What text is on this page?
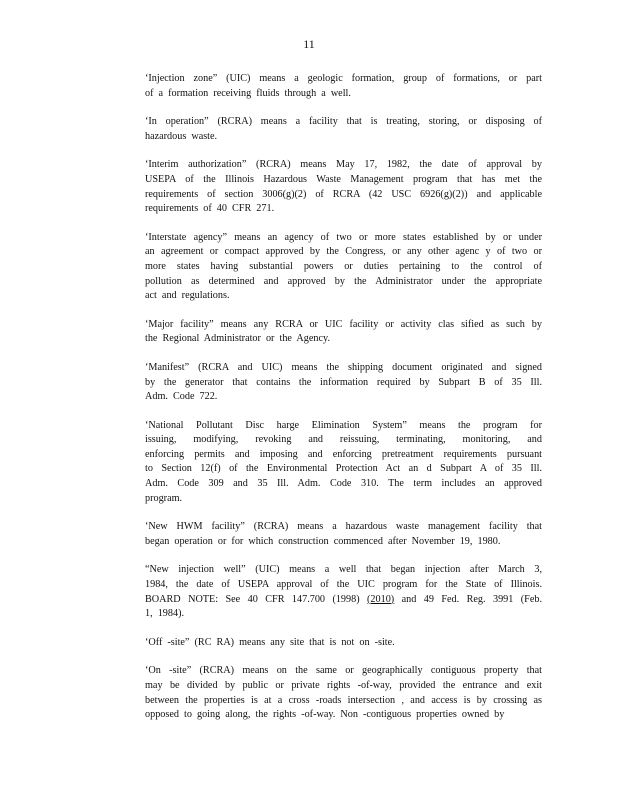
11
‘Injection zone” (UIC) means a geologic formation, group of formations, or part
of a formation receiving fluids through a well.
‘In operation” (RCRA) means a facility that is treating, storing, or disposing of
hazardous waste.
‘Interim authorization” (RCRA) means May 17, 1982, the date of approval by
USEPA of the Illinois Hazardous Waste Management program that has met the
requirements of section 3006(g)(2) of RCRA (42 USC 6926(g)(2)) and applicable
requirements of 40 CFR 271.
‘Interstate agency” means an agency of two or more states established by or under
an agreement or compact approved by the Congress, or any other agenc y of two or
more states having substantial powers or duties pertaining to the control of
pollution as determined and approved by the Administrator under the appropriate
act and regulations.
‘Major facility” means any RCRA or UIC facility or activity clas sified as such by
the Regional Administrator or the Agency.
‘Manifest” (RCRA and UIC) means the shipping document originated and signed
by the generator that contains the information required by Subpart B of 35 Ill.
Adm. Code 722.
‘National Pollutant Disc harge Elimination System” means the program for
issuing, modifying, revoking and reissuing, terminating, monitoring, and
enforcing permits and imposing and enforcing pretreatment requirements pursuant
to Section 12(f) of the Environmental Protection Act an d Subpart A of 35 Ill.
Adm. Code 309 and 35 Ill. Adm. Code 310. The term includes an approved
program.
‘New HWM facility” (RCRA) means a hazardous waste management facility that
began operation or for which construction commenced after November 19, 1980.
“New injection well” (UIC) means a well that began injection after March 3,
1984, the date of USEPA approval of the UIC program for the State of Illinois.
BOARD NOTE: See 40 CFR 147.700 (1998) (2010) and 49 Fed. Reg. 3991 (Feb.
1, 1984).
‘Off -site” (RC RA) means any site that is not on -site.
‘On -site” (RCRA) means on the same or geographically contiguous property that
may be divided by public or private rights -of-way, provided the entrance and exit
between the properties is at a cross -roads intersection , and access is by crossing as
opposed to going along, the rights -of-way. Non -contiguous properties owned by
